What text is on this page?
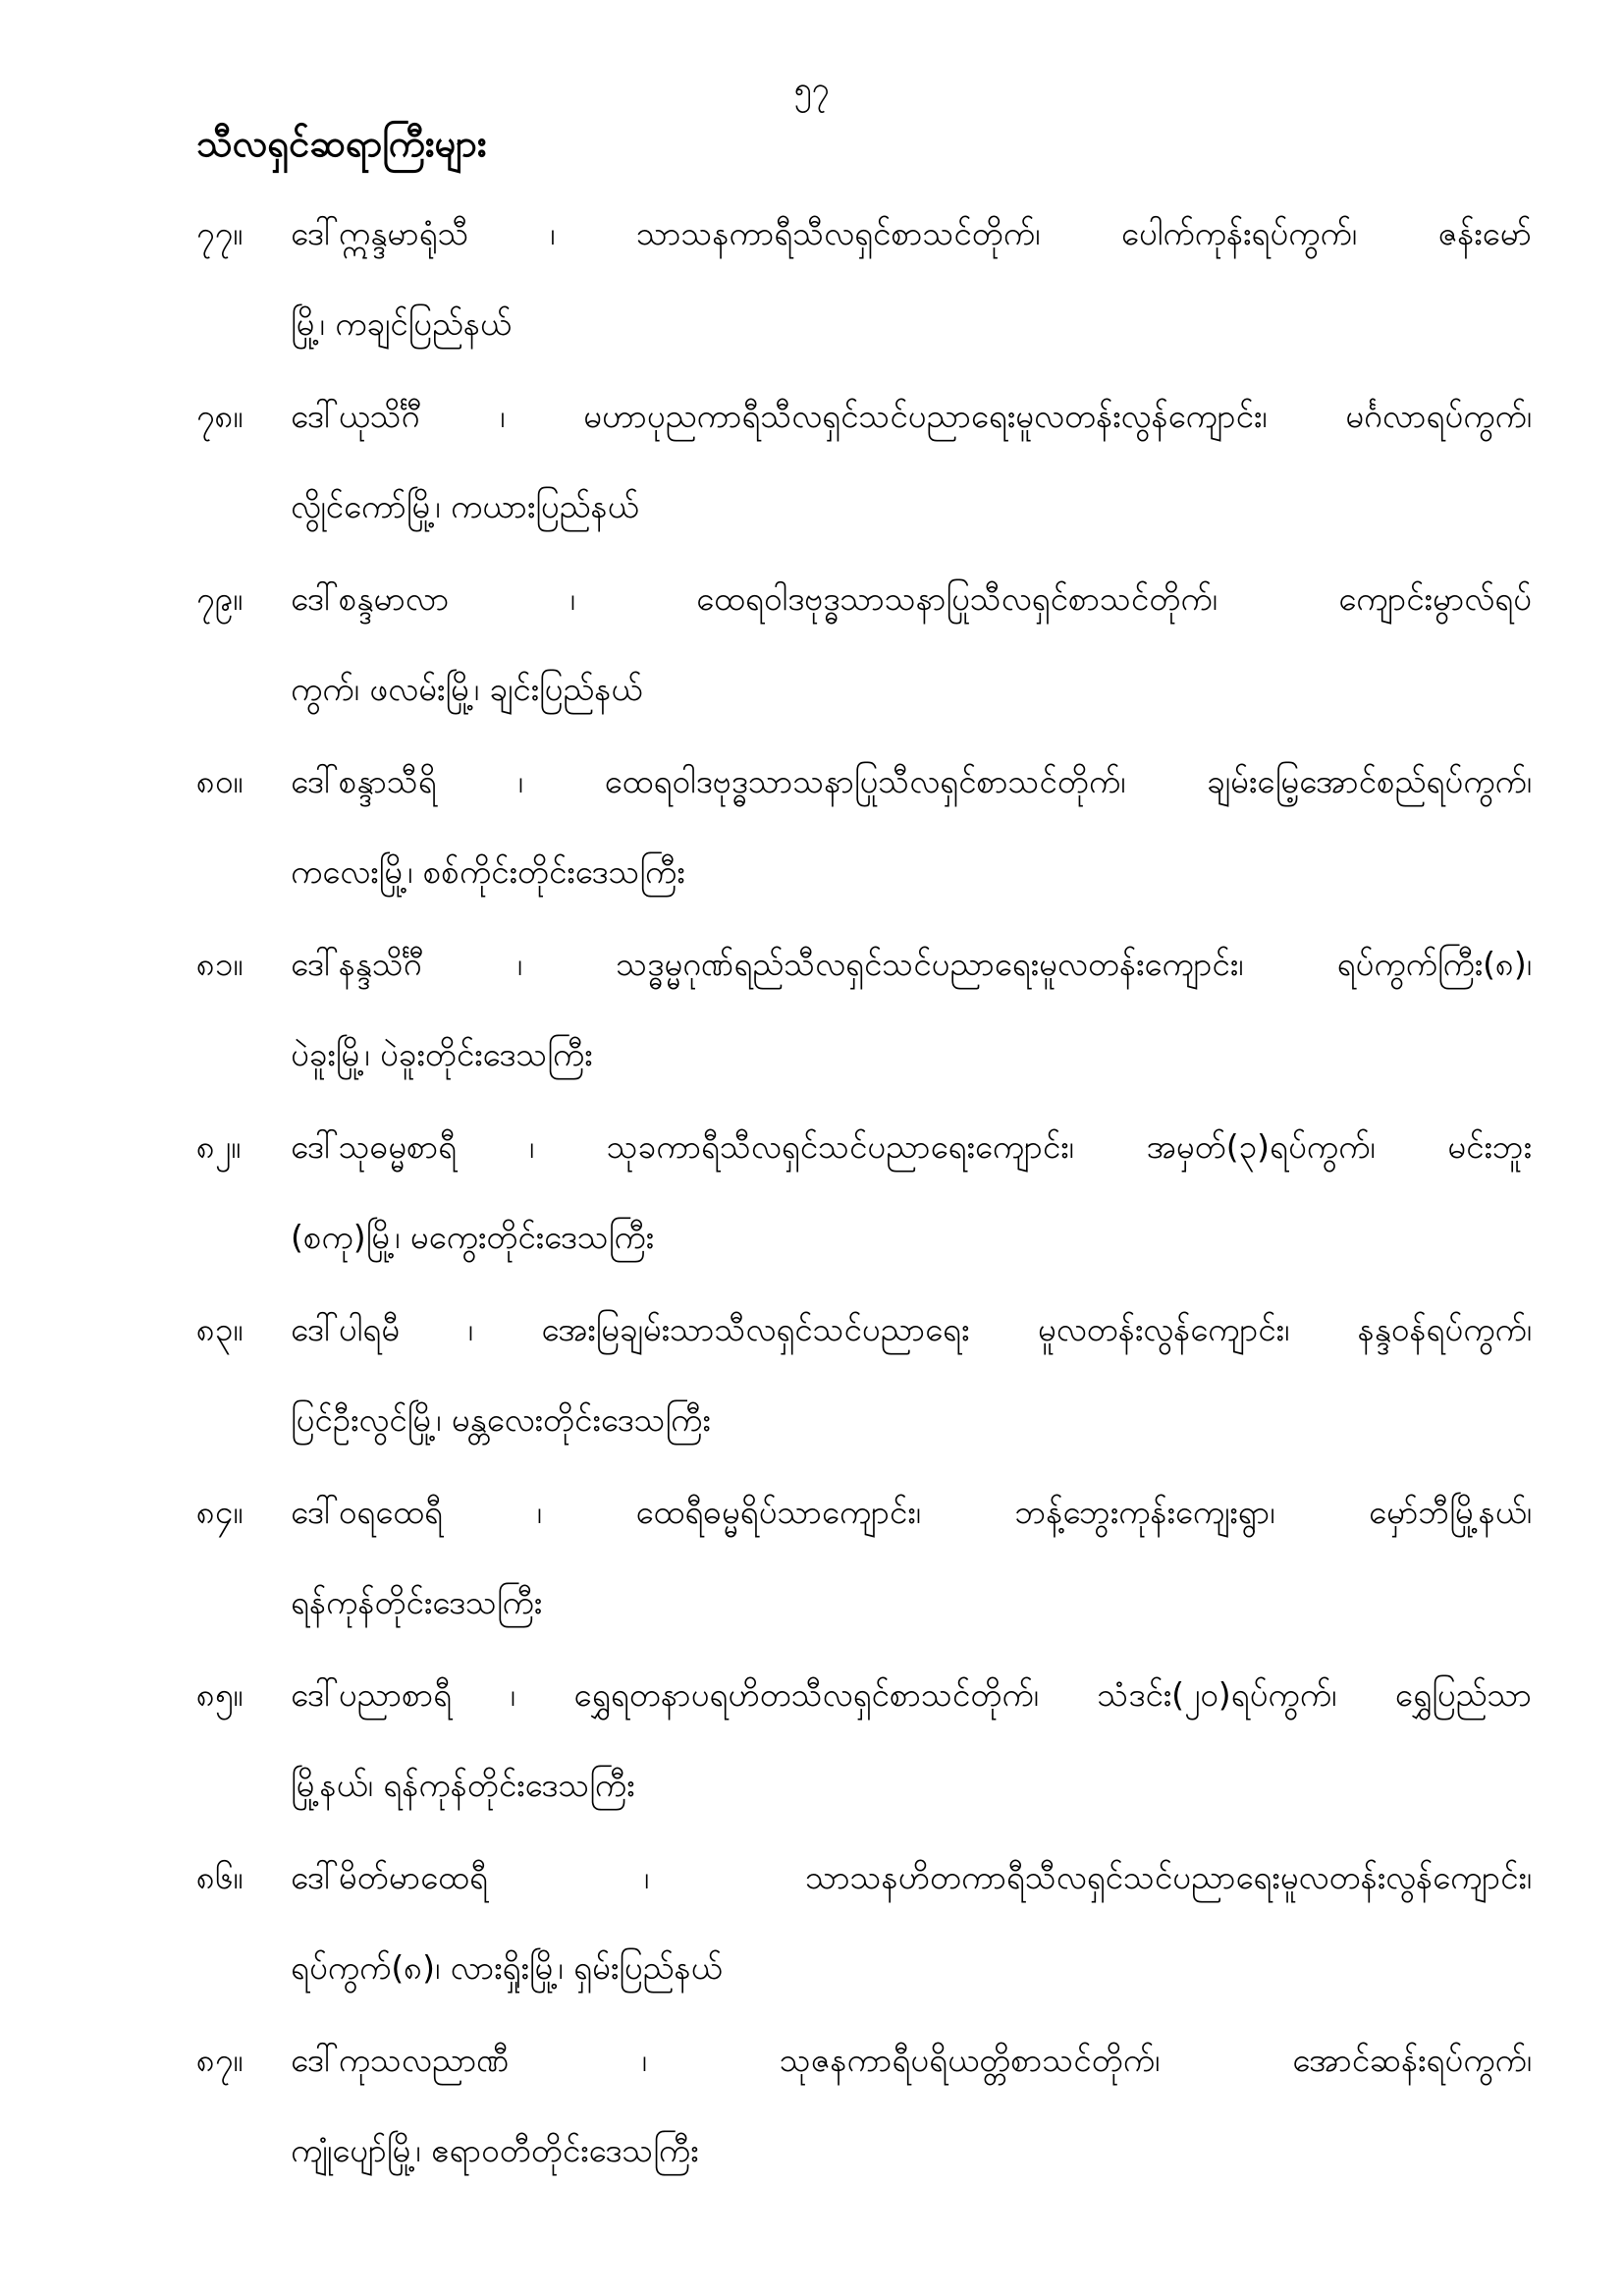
၅၇
သီလရှင်ဆရာကြီးများ
၇၇။	ဒေါ်ဣန္ဒမာရုံသီ ၊ သာသနကာရီသီလရှင်စာသင်တိုက်၊ ပေါက်ကုန်းရပ်ကွက်၊ ဇန်းမော်
မြို့၊ ကချင်ပြည်နယ်
၇၈။	ဒေါ်ယုသိင်္ဂီ ၊ မဟာပုညကာရီသီလရှင်သင်ပညာရေးမူလတန်းလွန်ကျောင်း၊ မင်္ဂလာရပ်ကွက်၊
လွိုင်ကော်မြို့၊ ကယားပြည်နယ်
၇၉။	ဒေါ်စန္ဒမာလာ ၊ ထေရဝါဒဗုဒ္ဓသာသနာပြုသီလရှင်စာသင်တိုက်၊ ကျောင်းမွာလ်ရပ်
ကွက်၊ ဖလမ်းမြို့၊ ချင်းပြည်နယ်
၈၀။	ဒေါ်စန္ဒာသီရိ ၊ ထေရဝါဒဗုဒ္ဓသာသနာပြုသီလရှင်စာသင်တိုက်၊ ချမ်းမြေ့အောင်စည်ရပ်ကွက်၊
ကလေးမြို့၊ စစ်ကိုင်းတိုင်းဒေသကြီး
၈၁။	ဒေါ်နန္ဒသိင်္ဂီ ၊ သဒ္ဓမ္မဂုဏ်ရည်သီလရှင်သင်ပညာရေးမူလတန်းကျောင်း၊ ရပ်ကွက်ကြီး(၈)၊
ပဲခူးမြို့၊ ပဲခူးတိုင်းဒေသကြီး
၈၂။	ဒေါ်သုဓမ္မစာရီ ၊ သုခကာရီသီလရှင်သင်ပညာရေးကျောင်း၊ အမှတ်(၃)ရပ်ကွက်၊ မင်းဘူး
(စကု)မြို့၊ မကွေးတိုင်းဒေသကြီး
၈၃။	ဒေါ်ပါရမီ ၊ အေးမြချမ်းသာသီလရှင်သင်ပညာရေး မူလတန်းလွန်ကျောင်း၊ နန္ဒဝန်ရပ်ကွက်၊
ပြင်ဦးလွင်မြို့၊ မန္တလေးတိုင်းဒေသကြီး
၈၄။	ဒေါ်ဝရထေရီ ၊ ထေရီဓမ္မရိပ်သာကျောင်း၊ ဘန့်ဘွေးကုန်းကျေးရွာ၊ မှော်ဘီမြို့နယ်၊
ရန်ကုန်တိုင်းဒေသကြီး
၈၅။	ဒေါ်ပညာစာရီ ၊ ရွှေရတနာပရဟိတသီလရှင်စာသင်တိုက်၊ သံဒင်း(၂၀)ရပ်ကွက်၊ ရွှေပြည်သာ
မြို့နယ်၊ ရန်ကုန်တိုင်းဒေသကြီး
၈၆။	ဒေါ်မိတ်မာထေရီ ၊ သာသနဟိတကာရီသီလရှင်သင်ပညာရေးမူလတန်းလွန်ကျောင်း၊
ရပ်ကွက်(၈)၊ လားရှိုးမြို့၊ ရှမ်းပြည်နယ်
၈၇။	ဒေါ်ကုသလညာဏီ ၊ သုဇနကာရီပရိယတ္တိစာသင်တိုက်၊ အောင်ဆန်းရပ်ကွက်၊
ကျုံပျော်မြို့၊ ဧရာဝတီတိုင်းဒေသကြီး
